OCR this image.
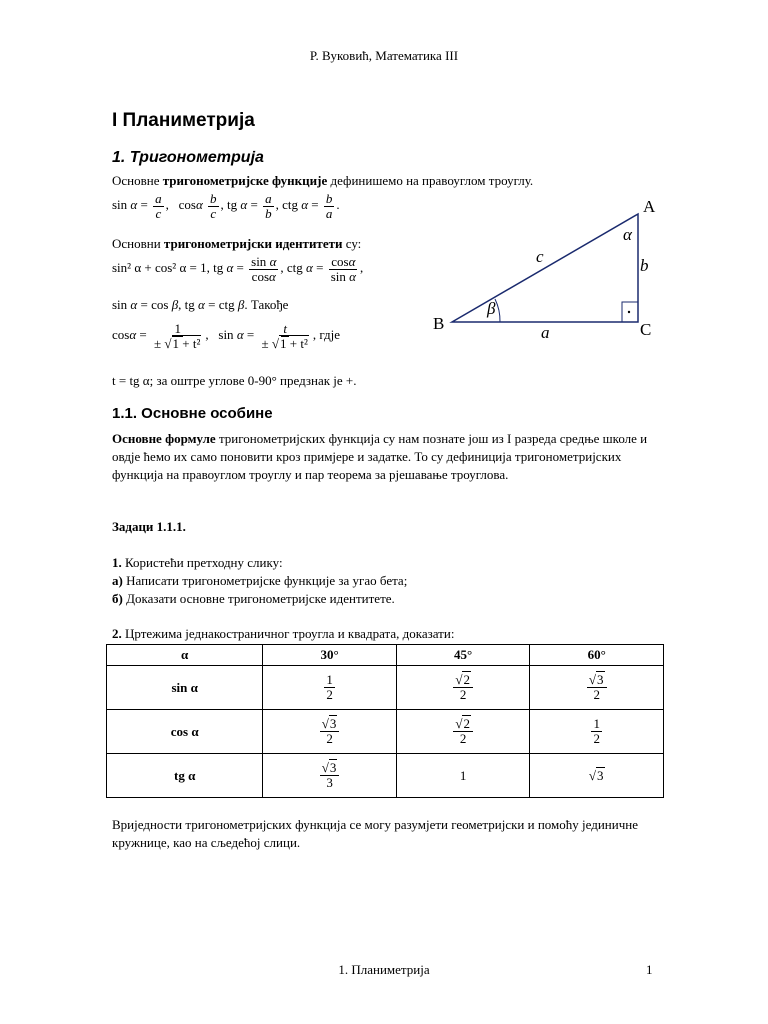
Р. Вуковић, Математика III
I Планиметрија
1. Тригонометрија
Основне тригонометријске функције дефинишемо на правоуглом троуглу.
$\sin \alpha = \frac{a}{c}$ ,   cosα $\frac{b}{c}$ , tg $\alpha = \frac{a}{b}$ , ctg $\alpha = \frac{b}{a}$ .
Основни тригонометријски идентитети су:
sin² α + cos² α = 1, tg $\alpha = \frac{\text{sin α}}{\cos\alpha}$ , ctg $\alpha = \frac{\cos\alpha}{\text{sin α}}$ ,
sin α = cos β, tg α = ctg β. Такође
$\cos\alpha = \frac{1}{\text{± √1 + t²}}$ ,   $\sin \alpha = \frac{t}{\text{± √1 + t²}}$ , гдје
t = tg α; за оштре углове 0-90° предзнак је +.
A
B	C
α
b
c
β
a
1.1. Основне особине
Основне формуле тригонометријских функција су нам познате још из I разреда средње школе и овдје ћемо их само поновити кроз примјере и задатке. То су дефиниција тригонометријских функција на правоуглом троуглу и пар теорема за рјешавање троуглова.
Задаци 1.1.1.
1. Користећи претходну слику:
а) Написати тригонометријске функције за угао бета;
б) Доказати основне тригонометријске идентитете.
2. Цртежима једнакостраничног троугла и квадрата, доказати:
α	30°	45°	60°
sin α	$\frac{1}{2}$	$\frac{√2}{2}$	$\frac{√3}{2}$

cos α	$\frac{√3}{2}$	$\frac{√2}{2}$	$\frac{1}{2}$

tg α	$\frac{√3}{3}$	1	√3
Вриједности тригонометријских функција се могу разумјети геометријски и помоћу јединичне кружнице, као на сљедећој слици.
1. Планиметрија	1
